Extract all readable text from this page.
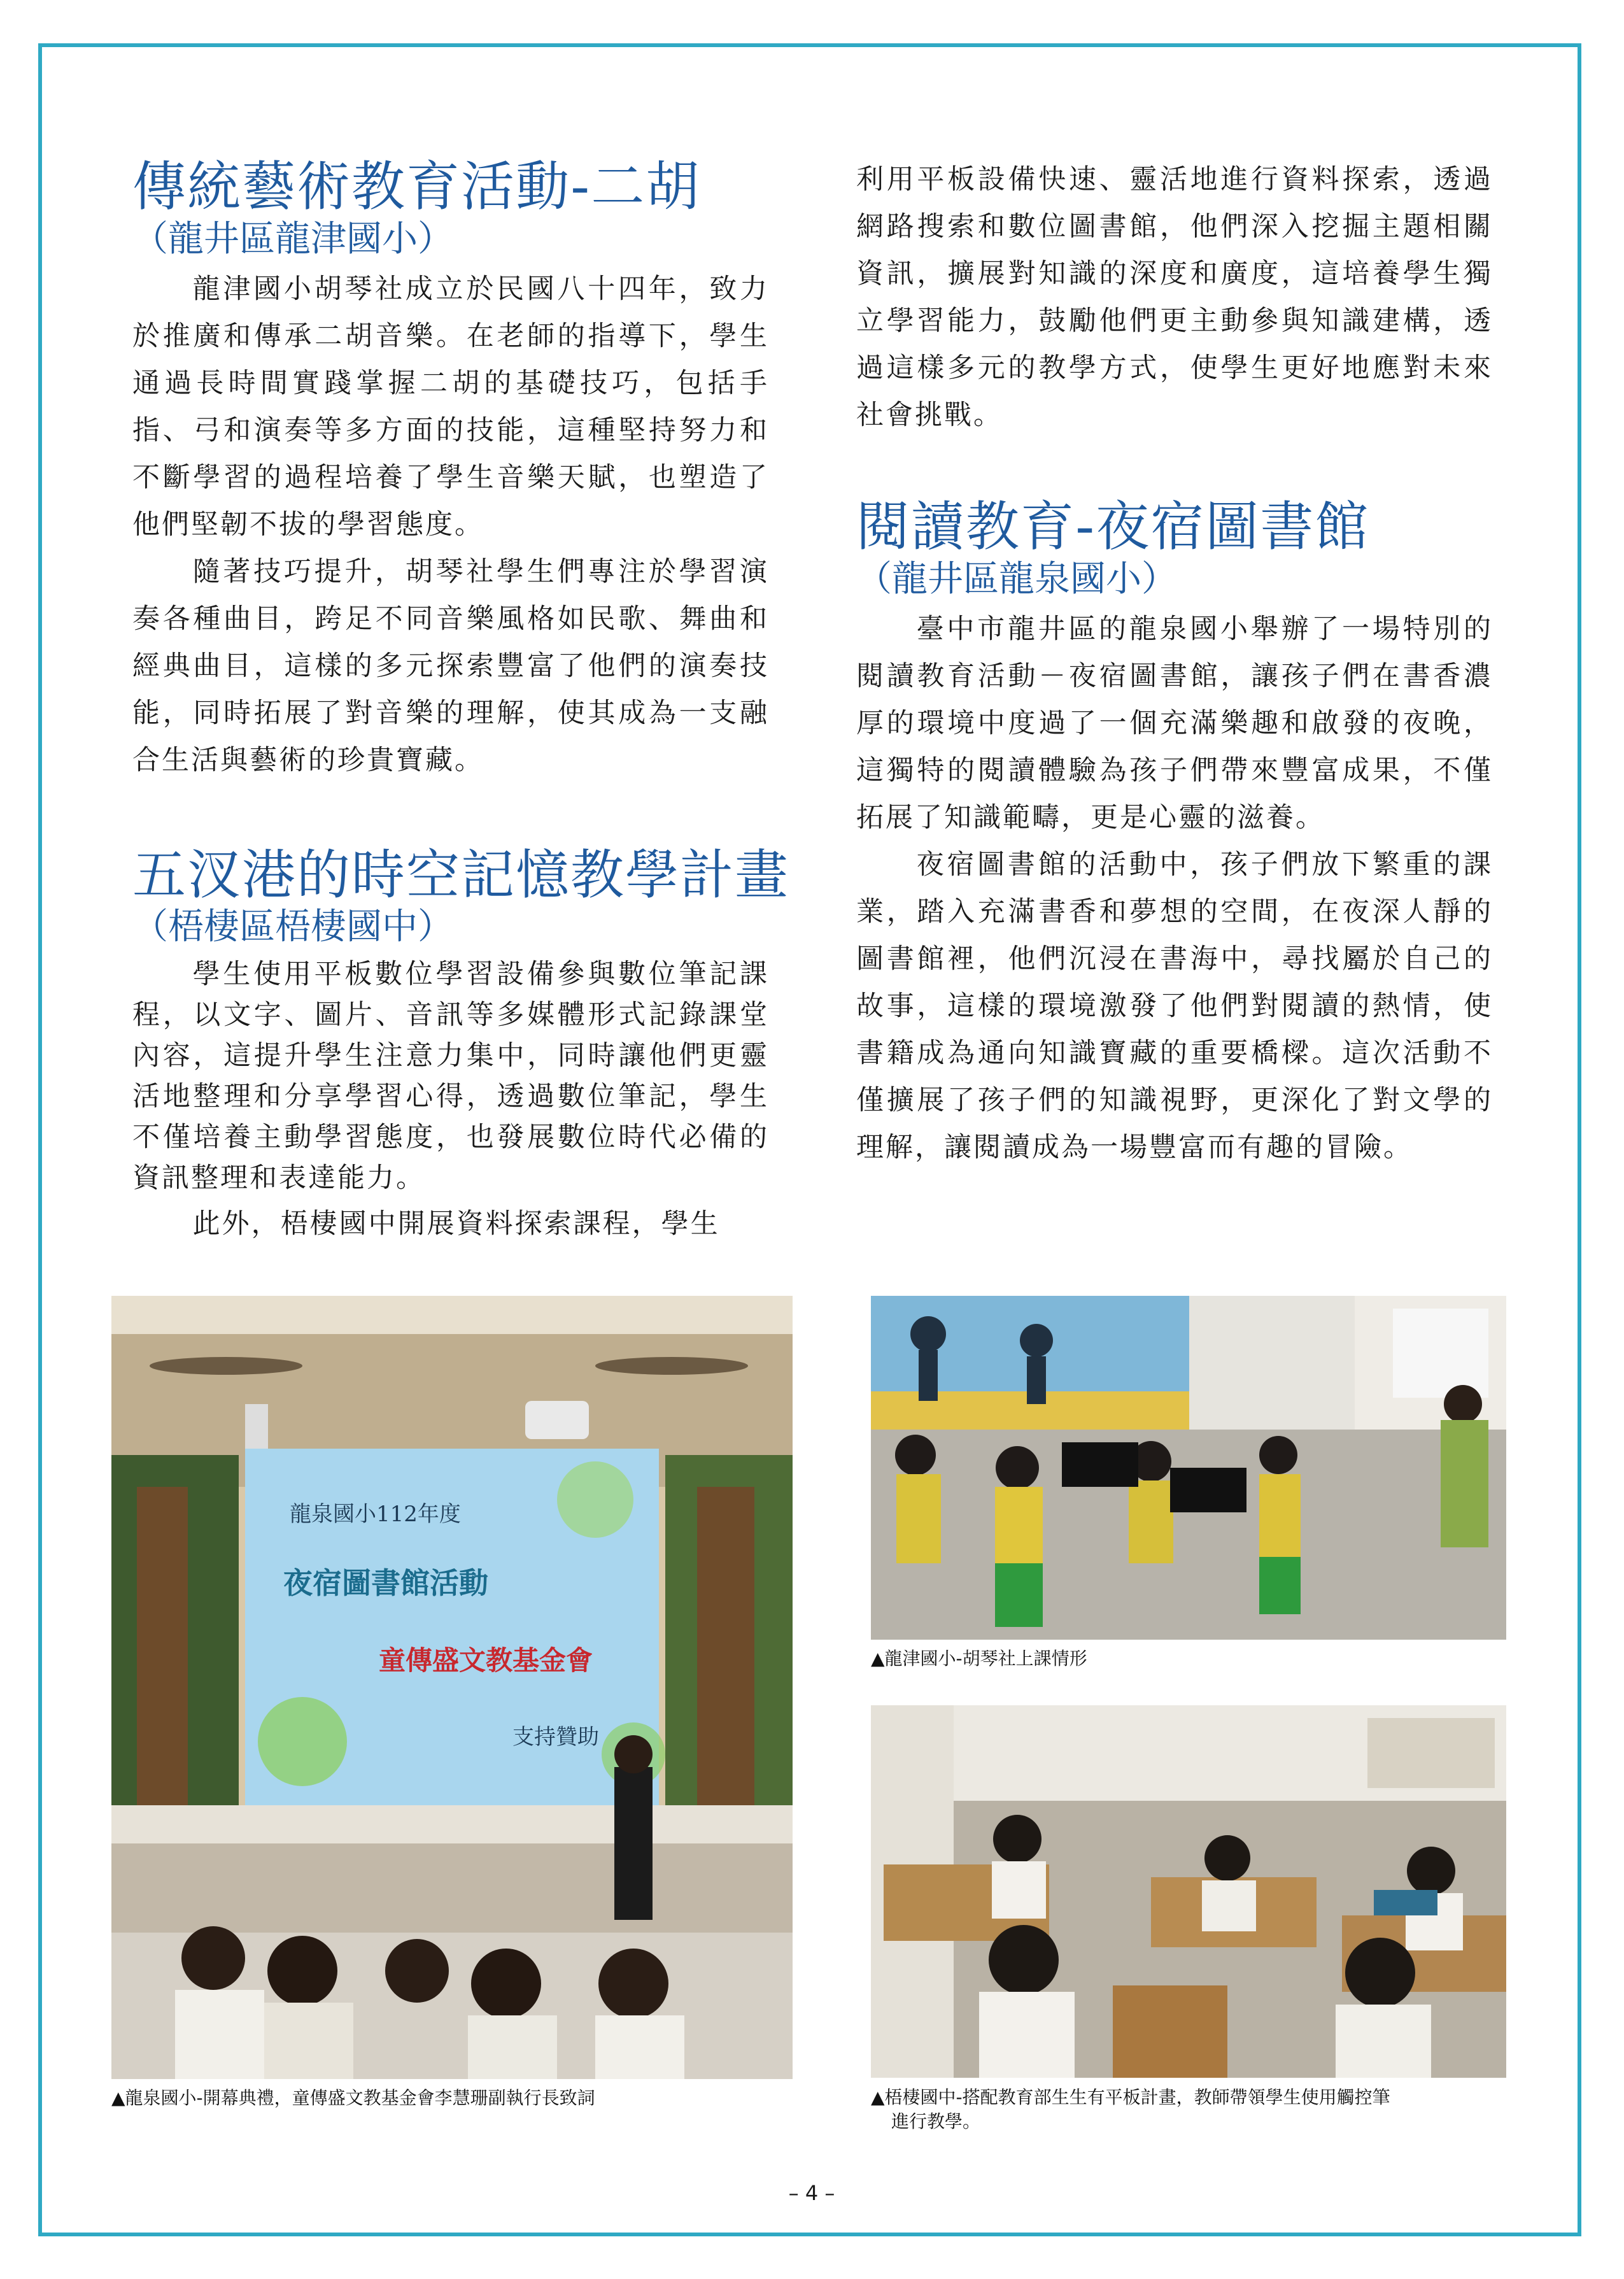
傳統藝術教育活動-二胡
（龍井區龍津國小）

龍津國小胡琴社成立於民國八十四年，致力於推廣和傳承二胡音樂。在老師的指導下，學生通過長時間實踐掌握二胡的基礎技巧，包括手指、弓和演奏等多方面的技能，這種堅持努力和不斷學習的過程培養了學生音樂天賦，也塑造了他們堅韌不拔的學習態度。

隨著技巧提升，胡琴社學生們專注於學習演奏各種曲目，跨足不同音樂風格如民歌、舞曲和經典曲目，這樣的多元探索豐富了他們的演奏技能，同時拓展了對音樂的理解，使其成為一支融合生活與藝術的珍貴寶藏。

五汊港的時空記憶教學計畫
（梧棲區梧棲國中）

學生使用平板數位學習設備參與數位筆記課程，以文字、圖片、音訊等多媒體形式記錄課堂內容，這提升學生注意力集中，同時讓他們更靈活地整理和分享學習心得，透過數位筆記，學生不僅培養主動學習態度，也發展數位時代必備的資訊整理和表達能力。

此外，梧棲國中開展資料探索課程，學生

利用平板設備快速、靈活地進行資料探索，透過網路搜索和數位圖書館，他們深入挖掘主題相關資訊，擴展對知識的深度和廣度，這培養學生獨立學習能力，鼓勵他們更主動參與知識建構，透過這樣多元的教學方式，使學生更好地應對未來社會挑戰。

閱讀教育-夜宿圖書館
（龍井區龍泉國小）

臺中市龍井區的龍泉國小舉辦了一場特別的閱讀教育活動－夜宿圖書館，讓孩子們在書香濃厚的環境中度過了一個充滿樂趣和啟發的夜晚，這獨特的閱讀體驗為孩子們帶來豐富成果，不僅拓展了知識範疇，更是心靈的滋養。

夜宿圖書館的活動中，孩子們放下繁重的課業，踏入充滿書香和夢想的空間，在夜深人靜的圖書館裡，他們沉浸在書海中，尋找屬於自己的故事，這樣的環境激發了他們對閱讀的熱情，使書籍成為通向知識寶藏的重要橋樑。這次活動不僅擴展了孩子們的知識視野，更深化了對文學的理解，讓閱讀成為一場豐富而有趣的冒險。

龍泉國小112年度
夜宿圖書館活動
童傳盛文教基金會
支持贊助
▲龍泉國小-開幕典禮，童傳盛文教基金會李慧珊副執行長致詞
▲龍津國小-胡琴社上課情形
▲梧棲國中-搭配教育部生生有平板計畫，教師帶領學生使用觸控筆
進行教學。
– 4 –
